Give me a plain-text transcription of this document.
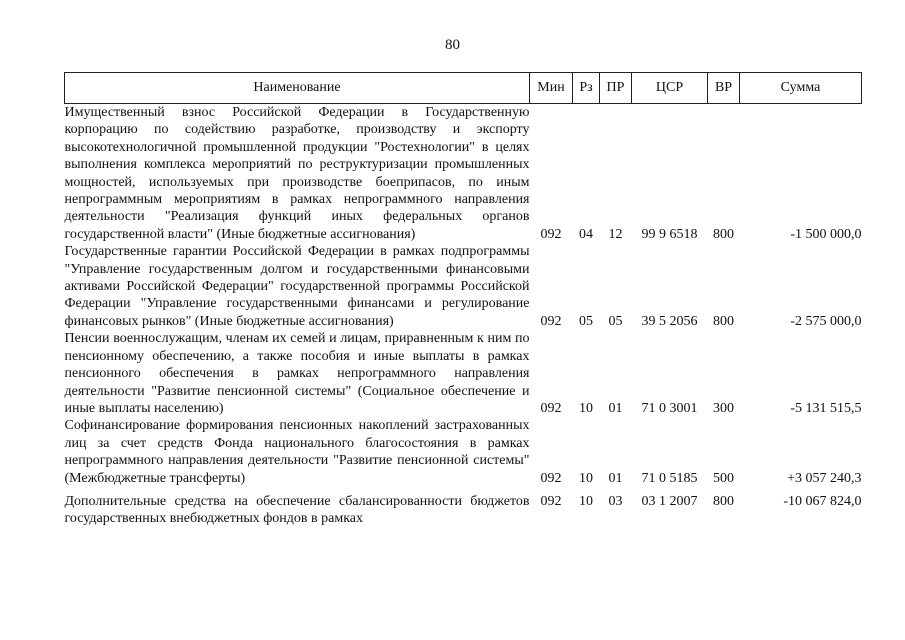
80
Наименование	Мин	Рз	ПР	ЦСР	ВР	Сумма
Имущественный взнос Российской Федерации в Государственную корпорацию по содействию разработке, производству и экспорту высокотехнологичной промышленной продукции "Ростехнологии" в целях выполнения комплекса мероприятий по реструктуризации промышленных мощностей, используемых при производстве боеприпасов, по иным непрограммным мероприятиям в рамках непрограммного направления деятельности "Реализация функций иных федеральных органов государственной власти" (Иные бюджетные ассигнования)	092	04	12	99 9 6518	800	-1 500 000,0
Государственные гарантии Российской Федерации в рамках подпрограммы "Управление государственным долгом и государственными финансовыми активами Российской Федерации" государственной программы Российской Федерации "Управление государственными финансами и регулирование финансовых рынков" (Иные бюджетные ассигнования)	092	05	05	39 5 2056	800	-2 575 000,0
Пенсии военнослужащим, членам их семей и лицам, приравненным к ним по пенсионному обеспечению, а также пособия и иные выплаты в рамках пенсионного обеспечения в рамках непрограммного направления деятельности "Развитие пенсионной системы" (Социальное обеспечение и иные выплаты населению)	092	10	01	71 0 3001	300	-5 131 515,5
Софинансирование формирования пенсионных накоплений застрахованных лиц за счет средств Фонда национального благосостояния в рамках непрограммного направления деятельности "Развитие пенсионной системы" (Межбюджетные трансферты)	092	10	01	71 0 5185	500	+3 057 240,3
Дополнительные средства на обеспечение сбалансированности бюджетов государственных внебюджетных фондов в рамках	092	10	03	03 1 2007	800	-10 067 824,0
